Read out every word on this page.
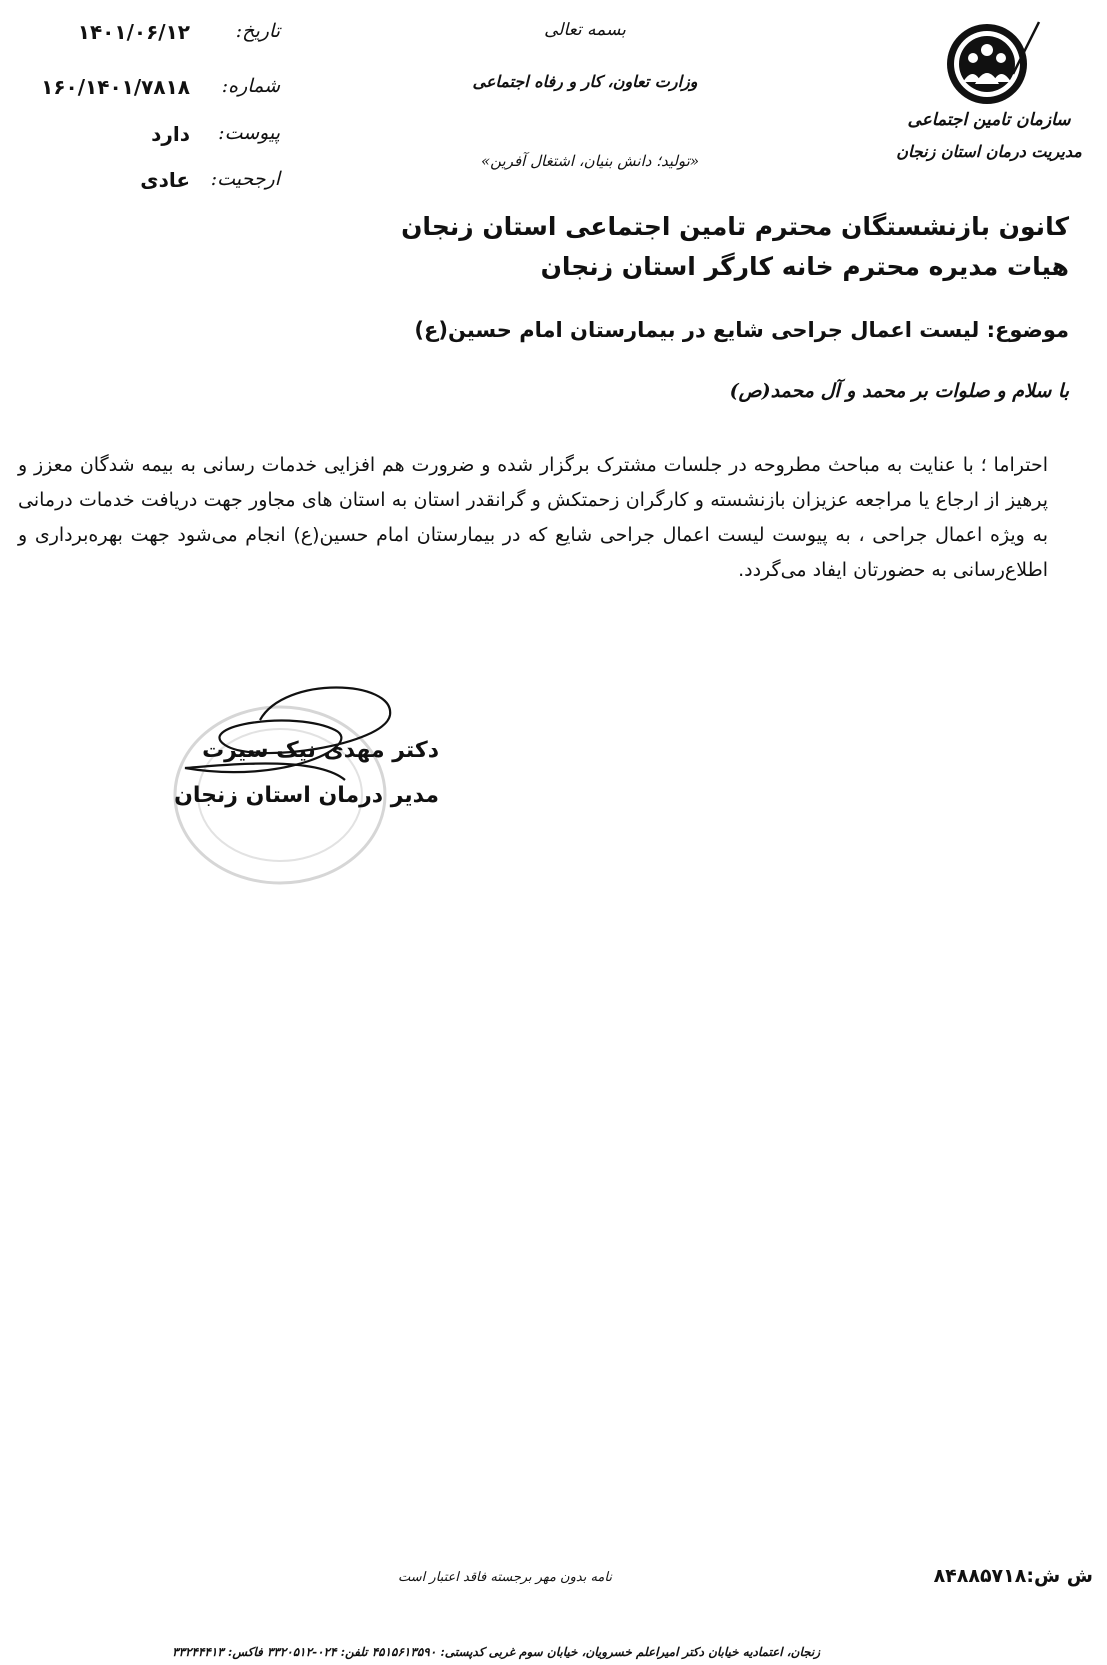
تاریخ:
۱۴۰۱/۰۶/۱۲
شماره:
۱۶۰/۱۴۰۱/۷۸۱۸
پیوست:
دارد
ارجحیت:
عادی
بسمه تعالی
وزارت تعاون، کار و رفاه اجتماعی
«تولید؛ دانش بنیان، اشتغال آفرین»
سازمان تامین اجتماعی
مدیریت درمان استان زنجان
کانون بازنشستگان محترم تامین اجتماعی استان زنجان
هیات مدیره محترم خانه کارگر استان زنجان
موضوع: لیست اعمال جراحی شایع در بیمارستان امام حسین(ع)
با سلام و صلوات بر محمد و آل محمد(ص)
احتراما ؛ با عنایت به مباحث مطروحه در جلسات مشترک برگزار شده و ضرورت هم افزایی خدمات رسانی به بیمه شدگان معزز و پرهیز از ارجاع یا مراجعه عزیزان بازنشسته و کارگران زحمتکش و گرانقدر استان به استان های مجاور جهت دریافت خدمات درمانی به ویژه اعمال جراحی ، به پیوست لیست اعمال جراحی شایع که در بیمارستان امام حسین(ع) انجام می‌شود جهت بهره‌برداری و اطلاع‌رسانی به حضورتان ایفاد می‌گردد.
دکتر مهدی نیک سیرت
مدیر درمان استان زنجان
ش ش:۸۴۸۸۵۷۱۸
نامه بدون مهر برجسته فاقد اعتبار است
زنجان، اعتمادیه خیابان دکتر امیراعلم خسرویان، خیابان سوم غربی کدپستی: ۴۵۱۵۶۱۳۵۹۰ تلفن: ۰۲۴-۳۳۲۰۵۱۲ فاکس: ۳۳۲۴۴۴۱۳
